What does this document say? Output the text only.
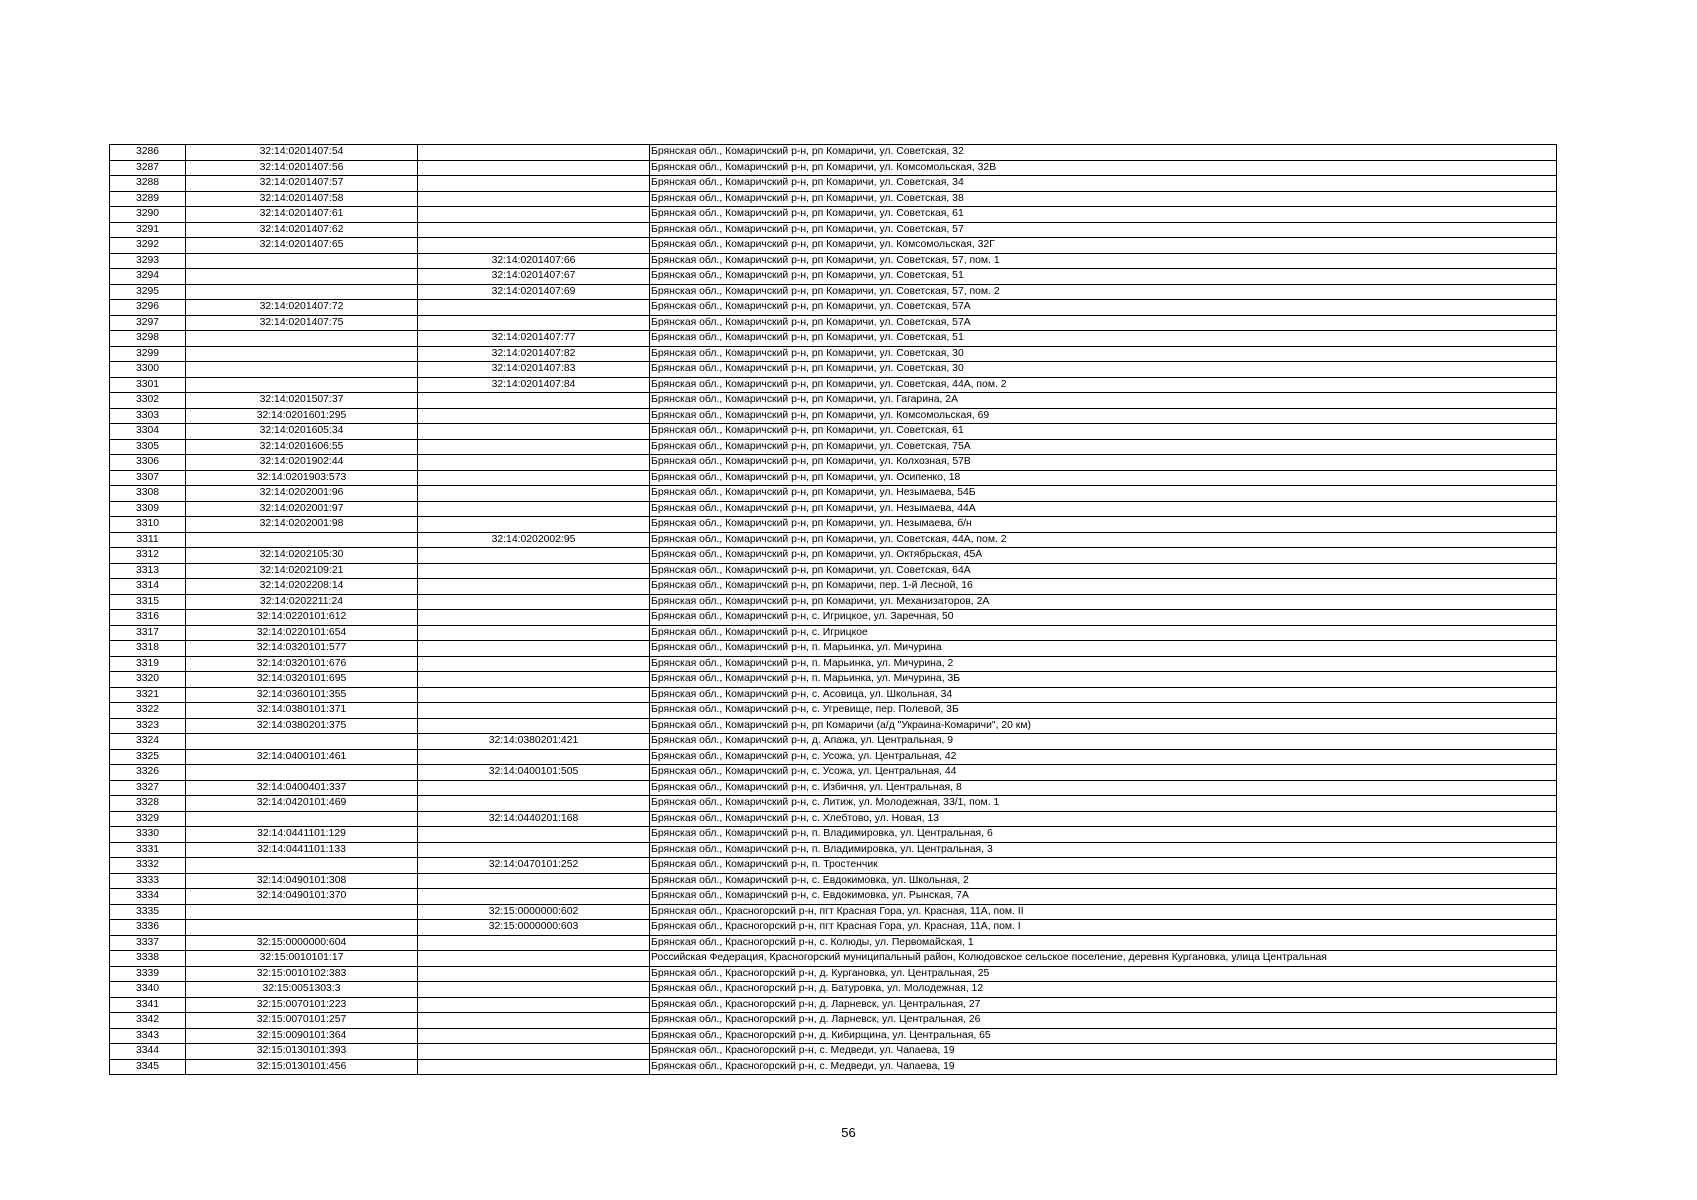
3286	32:14:0201407:54		Брянская обл., Комаричский р-н, рп Комаричи, ул. Советская, 32
3287	32:14:0201407:56		Брянская обл., Комаричский р-н, рп Комаричи, ул. Комсомольская, 32В
3288	32:14:0201407:57		Брянская обл., Комаричский р-н, рп Комаричи, ул. Советская, 34
3289	32:14:0201407:58		Брянская обл., Комаричский р-н, рп Комаричи, ул. Советская, 38
3290	32:14:0201407:61		Брянская обл., Комаричский р-н, рп Комаричи, ул. Советская, 61
3291	32:14:0201407:62		Брянская обл., Комаричский р-н, рп Комаричи, ул. Советская, 57
3292	32:14:0201407:65		Брянская обл., Комаричский р-н, рп Комаричи, ул. Комсомольская, 32Г
3293		32:14:0201407:66	Брянская обл., Комаричский р-н, рп Комаричи, ул. Советская, 57, пом. 1
3294		32:14:0201407:67	Брянская обл., Комаричский р-н, рп Комаричи, ул. Советская, 51
3295		32:14:0201407:69	Брянская обл., Комаричский р-н, рп Комаричи, ул. Советская, 57, пом. 2
3296	32:14:0201407:72		Брянская обл., Комаричский р-н, рп Комаричи, ул. Советская, 57А
3297	32:14:0201407:75		Брянская обл., Комаричский р-н, рп Комаричи, ул. Советская, 57А
3298		32:14:0201407:77	Брянская обл., Комаричский р-н, рп Комаричи, ул. Советская, 51
3299		32:14:0201407:82	Брянская обл., Комаричский р-н, рп Комаричи, ул. Советская, 30
3300		32:14:0201407:83	Брянская обл., Комаричский р-н, рп Комаричи, ул. Советская, 30
3301		32:14:0201407:84	Брянская обл., Комаричский р-н, рп Комаричи, ул. Советская, 44А, пом. 2
3302	32:14:0201507:37		Брянская обл., Комаричский р-н, рп Комаричи, ул. Гагарина, 2А
3303	32:14:0201601:295		Брянская обл., Комаричский р-н, рп Комаричи, ул. Комсомольская, 69
3304	32:14:0201605:34		Брянская обл., Комаричский р-н, рп Комаричи, ул. Советская, 61
3305	32:14:0201606:55		Брянская обл., Комаричский р-н, рп Комаричи, ул. Советская, 75А
3306	32:14:0201902:44		Брянская обл., Комаричский р-н, рп Комаричи, ул. Колхозная, 57В
3307	32:14:0201903:573		Брянская обл., Комаричский р-н, рп Комаричи, ул. Осипенко, 18
3308	32:14:0202001:96		Брянская обл., Комаричский р-н, рп Комаричи, ул. Незымаева, 54Б
3309	32:14:0202001:97		Брянская обл., Комаричский р-н, рп Комаричи, ул. Незымаева, 44А
3310	32:14:0202001:98		Брянская обл., Комаричский р-н, рп Комаричи, ул. Незымаева, б/н
3311		32:14:0202002:95	Брянская обл., Комаричский р-н, рп Комаричи, ул. Советская, 44А, пом. 2
3312	32:14:0202105:30		Брянская обл., Комаричский р-н, рп Комаричи, ул. Октябрьская, 45А
3313	32:14:0202109:21		Брянская обл., Комаричский р-н, рп Комаричи, ул. Советская, 64А
3314	32:14:0202208:14		Брянская обл., Комаричский р-н, рп Комаричи, пер. 1-й Лесной, 16
3315	32:14:0202211:24		Брянская обл., Комаричский р-н, рп Комаричи, ул. Механизаторов, 2А
3316	32:14:0220101:612		Брянская обл., Комаричский р-н, с. Игрицкое, ул. Заречная, 50
3317	32:14:0220101:654		Брянская обл., Комаричский р-н, с. Игрицкое
3318	32:14:0320101:577		Брянская обл., Комаричский р-н, п. Марьинка, ул. Мичурина
3319	32:14:0320101:676		Брянская обл., Комаричский р-н, п. Марьинка, ул. Мичурина, 2
3320	32:14:0320101:695		Брянская обл., Комаричский р-н, п. Марьинка, ул. Мичурина, 3Б
3321	32:14:0360101:355		Брянская обл., Комаричский р-н, с. Асовица, ул. Школьная, 34
3322	32:14:0380101:371		Брянская обл., Комаричский р-н, с. Угревище, пер. Полевой, 3Б
3323	32:14:0380201:375		Брянская обл., Комаричский р-н, рп Комаричи (а/д "Украина-Комаричи", 20 км)
3324		32:14:0380201:421	Брянская обл., Комаричский р-н, д. Апажа, ул. Центральная, 9
3325	32:14:0400101:461		Брянская обл., Комаричский р-н, с. Усожа, ул. Центральная, 42
3326		32:14:0400101:505	Брянская обл., Комаричский р-н, с. Усожа, ул. Центральная, 44
3327	32:14:0400401:337		Брянская обл., Комаричский р-н, с. Избичня, ул. Центральная, 8
3328	32:14:0420101:469		Брянская обл., Комаричский р-н, с. Литиж, ул. Молодежная, 33/1, пом. 1
3329		32:14:0440201:168	Брянская обл., Комаричский р-н, с. Хлебтово, ул. Новая, 13
3330	32:14:0441101:129		Брянская обл., Комаричский р-н, п. Владимировка, ул. Центральная, 6
3331	32:14:0441101:133		Брянская обл., Комаричский р-н, п. Владимировка, ул. Центральная, 3
3332		32:14:0470101:252	Брянская обл., Комаричский р-н, п. Тростенчик
3333	32:14:0490101:308		Брянская обл., Комаричский р-н, с. Евдокимовка, ул. Школьная, 2
3334	32:14:0490101:370		Брянская обл., Комаричский р-н, с. Евдокимовка, ул. Рынская, 7А
3335		32:15:0000000:602	Брянская обл., Красногорский р-н, пгт Красная Гора, ул. Красная, 11А, пом. II
3336		32:15:0000000:603	Брянская обл., Красногорский р-н, пгт Красная Гора, ул. Красная, 11А, пом. I
3337	32:15:0000000:604		Брянская обл., Красногорский р-н, с. Колюды, ул. Первомайская, 1
3338	32:15:0010101:17		Российская Федерация, Красногорский муниципальный район, Колюдовское сельское поселение, деревня Кургановка, улица Центральная
3339	32:15:0010102:383		Брянская обл., Красногорский р-н, д. Кургановка, ул. Центральная, 25
3340	32:15:0051303:3		Брянская обл., Красногорский р-н, д. Батуровка, ул. Молодежная, 12
3341	32:15:0070101:223		Брянская обл., Красногорский р-н, д. Ларневск, ул. Центральная, 27
3342	32:15:0070101:257		Брянская обл., Красногорский р-н, д. Ларневск, ул. Центральная, 26
3343	32:15:0090101:364		Брянская обл., Красногорский р-н, д. Кибирщина, ул. Центральная, 65
3344	32:15:0130101:393		Брянская обл., Красногорский р-н, с. Медведи, ул. Чапаева, 19
3345	32:15:0130101:456		Брянская обл., Красногорский р-н, с. Медведи, ул. Чапаева, 19
56
